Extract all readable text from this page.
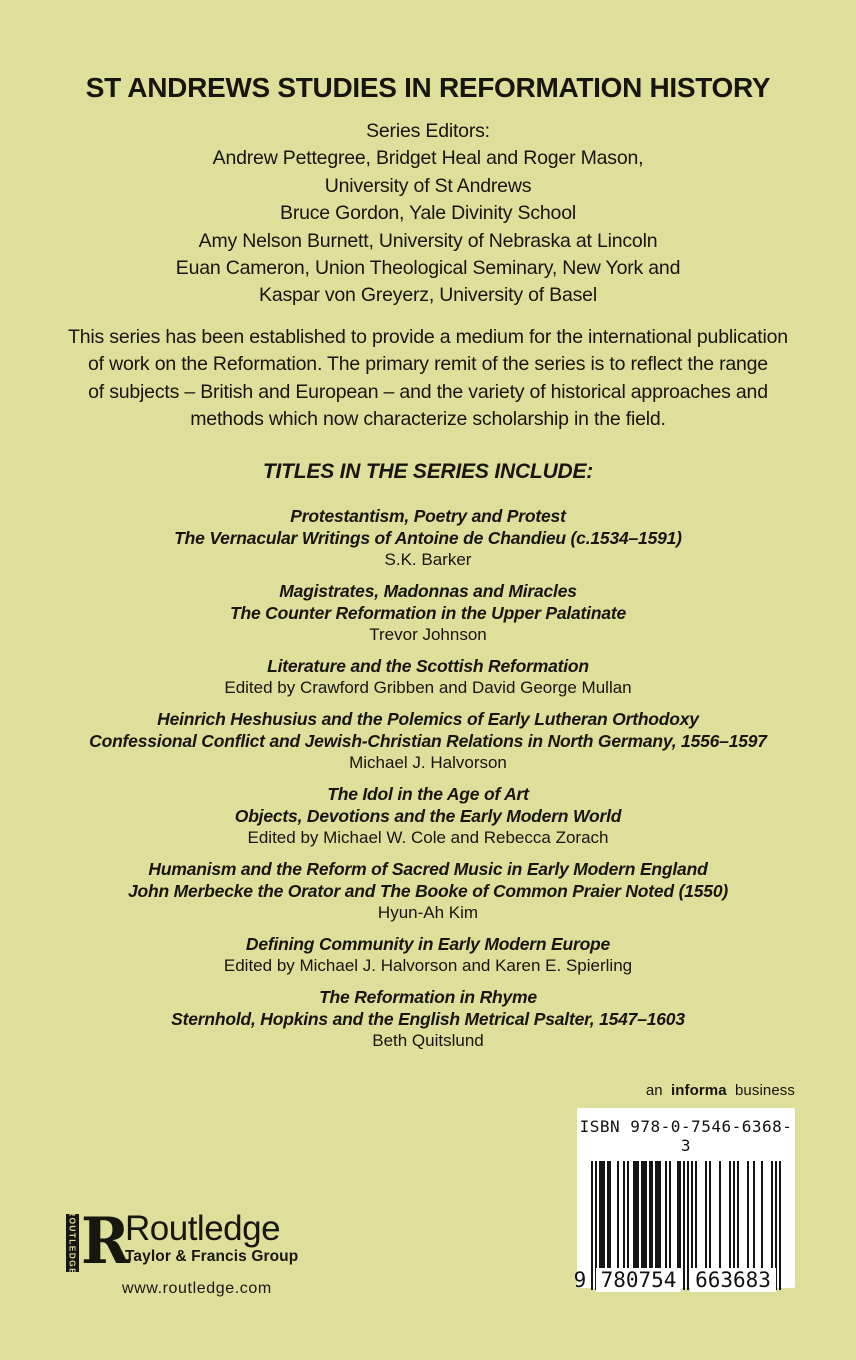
ST ANDREWS STUDIES IN REFORMATION HISTORY
Series Editors:
Andrew Pettegree, Bridget Heal and Roger Mason,
University of St Andrews
Bruce Gordon, Yale Divinity School
Amy Nelson Burnett, University of Nebraska at Lincoln
Euan Cameron, Union Theological Seminary, New York and
Kaspar von Greyerz, University of Basel
This series has been established to provide a medium for the international publication
of work on the Reformation. The primary remit of the series is to reflect the range
of subjects – British and European – and the variety of historical approaches and
methods which now characterize scholarship in the field.
TITLES IN THE SERIES INCLUDE:
Protestantism, Poetry and Protest
The Vernacular Writings of Antoine de Chandieu (c.1534–1591)
S.K. Barker
Magistrates, Madonnas and Miracles
The Counter Reformation in the Upper Palatinate
Trevor Johnson
Literature and the Scottish Reformation
Edited by Crawford Gribben and David George Mullan
Heinrich Heshusius and the Polemics of Early Lutheran Orthodoxy
Confessional Conflict and Jewish-Christian Relations in North Germany, 1556–1597
Michael J. Halvorson
The Idol in the Age of Art
Objects, Devotions and the Early Modern World
Edited by Michael W. Cole and Rebecca Zorach
Humanism and the Reform of Sacred Music in Early Modern England
John Merbecke the Orator and The Booke of Common Praier Noted (1550)
Hyun-Ah Kim
Defining Community in Early Modern Europe
Edited by Michael J. Halvorson and Karen E. Spierling
The Reformation in Rhyme
Sternhold, Hopkins and the English Metrical Psalter, 1547–1603
Beth Quitslund
an informa business
ISBN 978-0-7546-6368-3
9 780754 663683
ROUTLEDGE R
Routledge
Taylor & Francis Group
www.routledge.com
